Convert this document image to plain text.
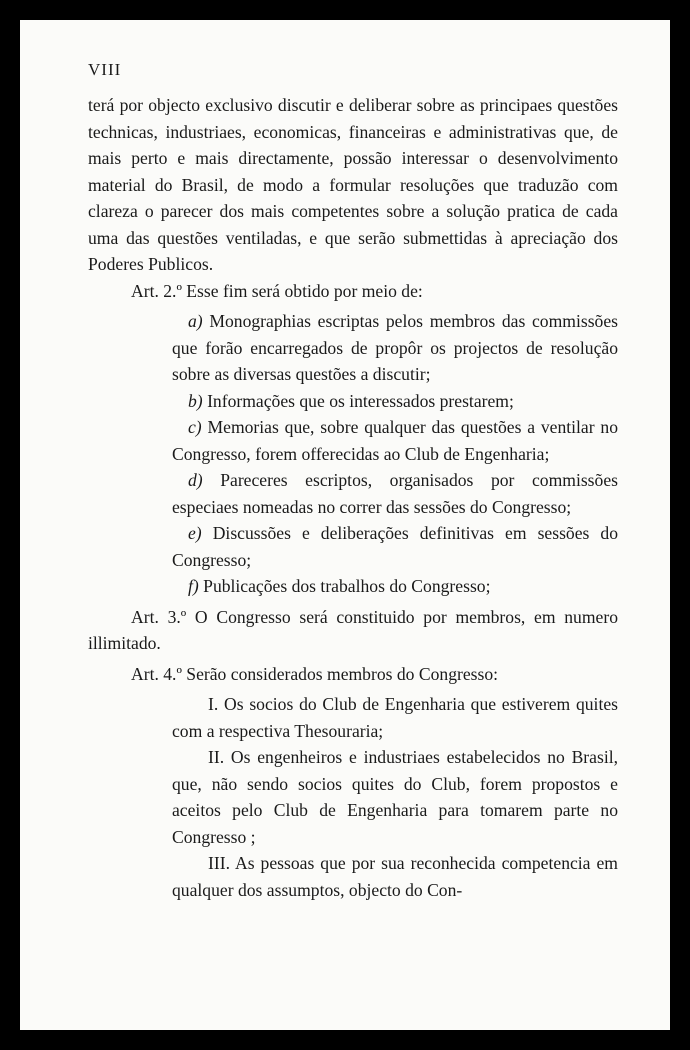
VIII

terá por objecto exclusivo discutir e deliberar sobre as principaes questões technicas, industriaes, economicas, financeiras e administrativas que, de mais perto e mais directamente, possão interessar o desenvolvimento material do Brasil, de modo a formular resoluções que traduzão com clareza o parecer dos mais competentes sobre a solução pratica de cada uma das questões ventiladas, e que serão submettidas à apreciação dos Poderes Publicos.

Art. 2.º Esse fim será obtido por meio de:

a) Monographias escriptas pelos membros das commissões que forão encarregados de propôr os projectos de resolução sobre as diversas questões a discutir;

b) Informações que os interessados prestarem;

c) Memorias que, sobre qualquer das questões a ventilar no Congresso, forem offerecidas ao Club de Engenharia;

d) Pareceres escriptos, organisados por commissões especiaes nomeadas no correr das sessões do Congresso;

e) Discussões e deliberações definitivas em sessões do Congresso;

f) Publicações dos trabalhos do Congresso;

Art. 3.º O Congresso será constituido por membros, em numero illimitado.

Art. 4.º Serão considerados membros do Congresso:

I. Os socios do Club de Engenharia que estiverem quites com a respectiva Thesouraria;

II. Os engenheiros e industriaes estabelecidos no Brasil, que, não sendo socios quites do Club, forem propostos e aceitos pelo Club de Engenharia para tomarem parte no Congresso ;

III. As pessoas que por sua reconhecida competencia em qualquer dos assumptos, objecto do Con-
